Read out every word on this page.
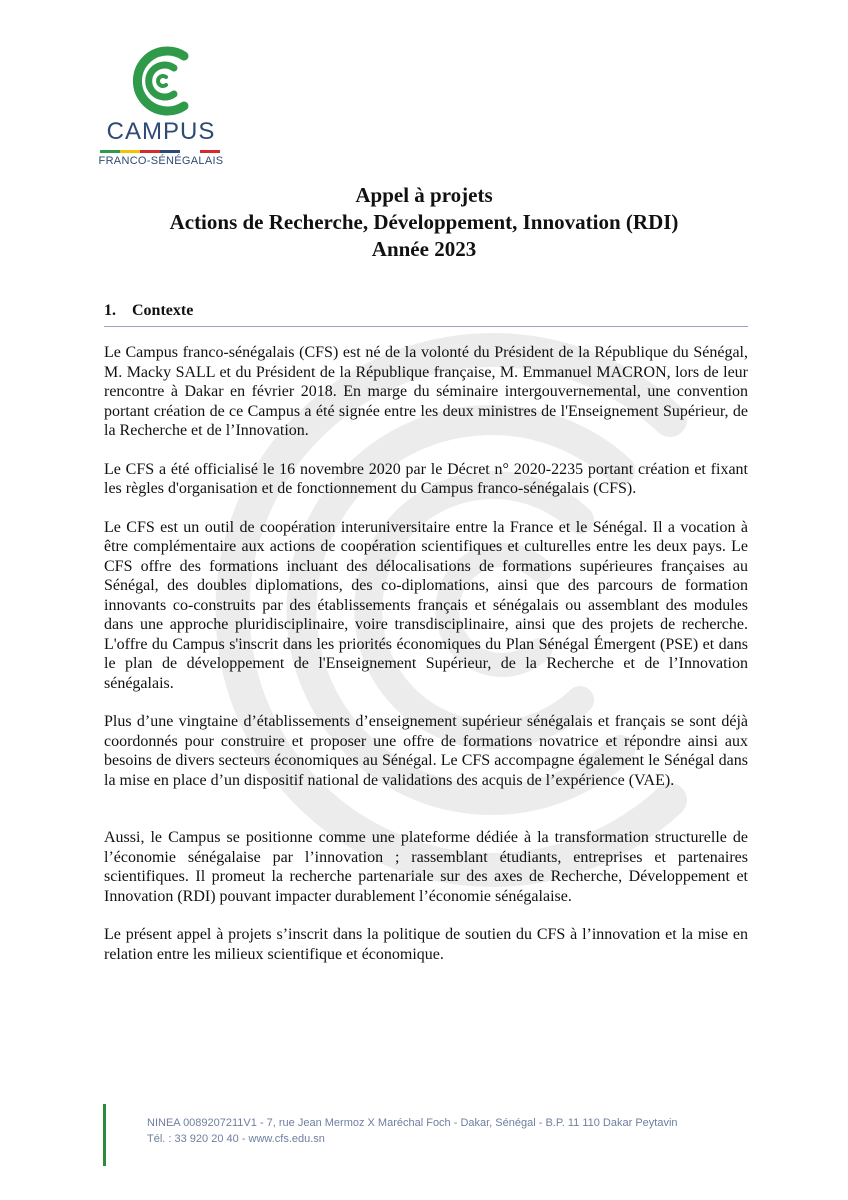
CAMPUS
FRANCO-SÉNÉGALAIS
Appel à projets
Actions de Recherche, Développement, Innovation (RDI)
Année 2023
1. Contexte

Le Campus franco-sénégalais (CFS) est né de la volonté du Président de la République du Sénégal, M. Macky SALL et du Président de la République française, M. Emmanuel MACRON, lors de leur rencontre à Dakar en février 2018. En marge du séminaire intergouvernemental, une convention portant création de ce Campus a été signée entre les deux ministres de l'Enseignement Supérieur, de la Recherche et de l’Innovation.

Le CFS a été officialisé le 16 novembre 2020 par le Décret n° 2020-2235 portant création et fixant les règles d'organisation et de fonctionnement du Campus franco-sénégalais (CFS).

Le CFS est un outil de coopération interuniversitaire entre la France et le Sénégal. Il a vocation à être complémentaire aux actions de coopération scientifiques et culturelles entre les deux pays. Le CFS offre des formations incluant des délocalisations de formations supérieures françaises au Sénégal, des doubles diplomations, des co-diplomations, ainsi que des parcours de formation innovants co-construits par des établissements français et sénégalais ou assemblant des modules dans une approche pluridisciplinaire, voire transdisciplinaire, ainsi que des projets de recherche. L'offre du Campus s'inscrit dans les priorités économiques du Plan Sénégal Émergent (PSE) et dans le plan de développement de l'Enseignement Supérieur, de la Recherche et de l’Innovation sénégalais.

Plus d’une vingtaine d’établissements d’enseignement supérieur sénégalais et français se sont déjà coordonnés pour construire et proposer une offre de formations novatrice et répondre ainsi aux besoins de divers secteurs économiques au Sénégal. Le CFS accompagne également le Sénégal dans la mise en place d’un dispositif national de validations des acquis de l’expérience (VAE).

Aussi, le Campus se positionne comme une plateforme dédiée à la transformation structurelle de l’économie sénégalaise par l’innovation ; rassemblant étudiants, entreprises et partenaires scientifiques. Il promeut la recherche partenariale sur des axes de Recherche, Développement et Innovation (RDI) pouvant impacter durablement l’économie sénégalaise.

Le présent appel à projets s’inscrit dans la politique de soutien du CFS à l’innovation et la mise en relation entre les milieux scientifique et économique.

NINEA 0089207211V1 - 7, rue Jean Mermoz X Maréchal Foch - Dakar, Sénégal - B.P. 11 110 Dakar Peytavin
Tél. : 33 920 20 40 - www.cfs.edu.sn
